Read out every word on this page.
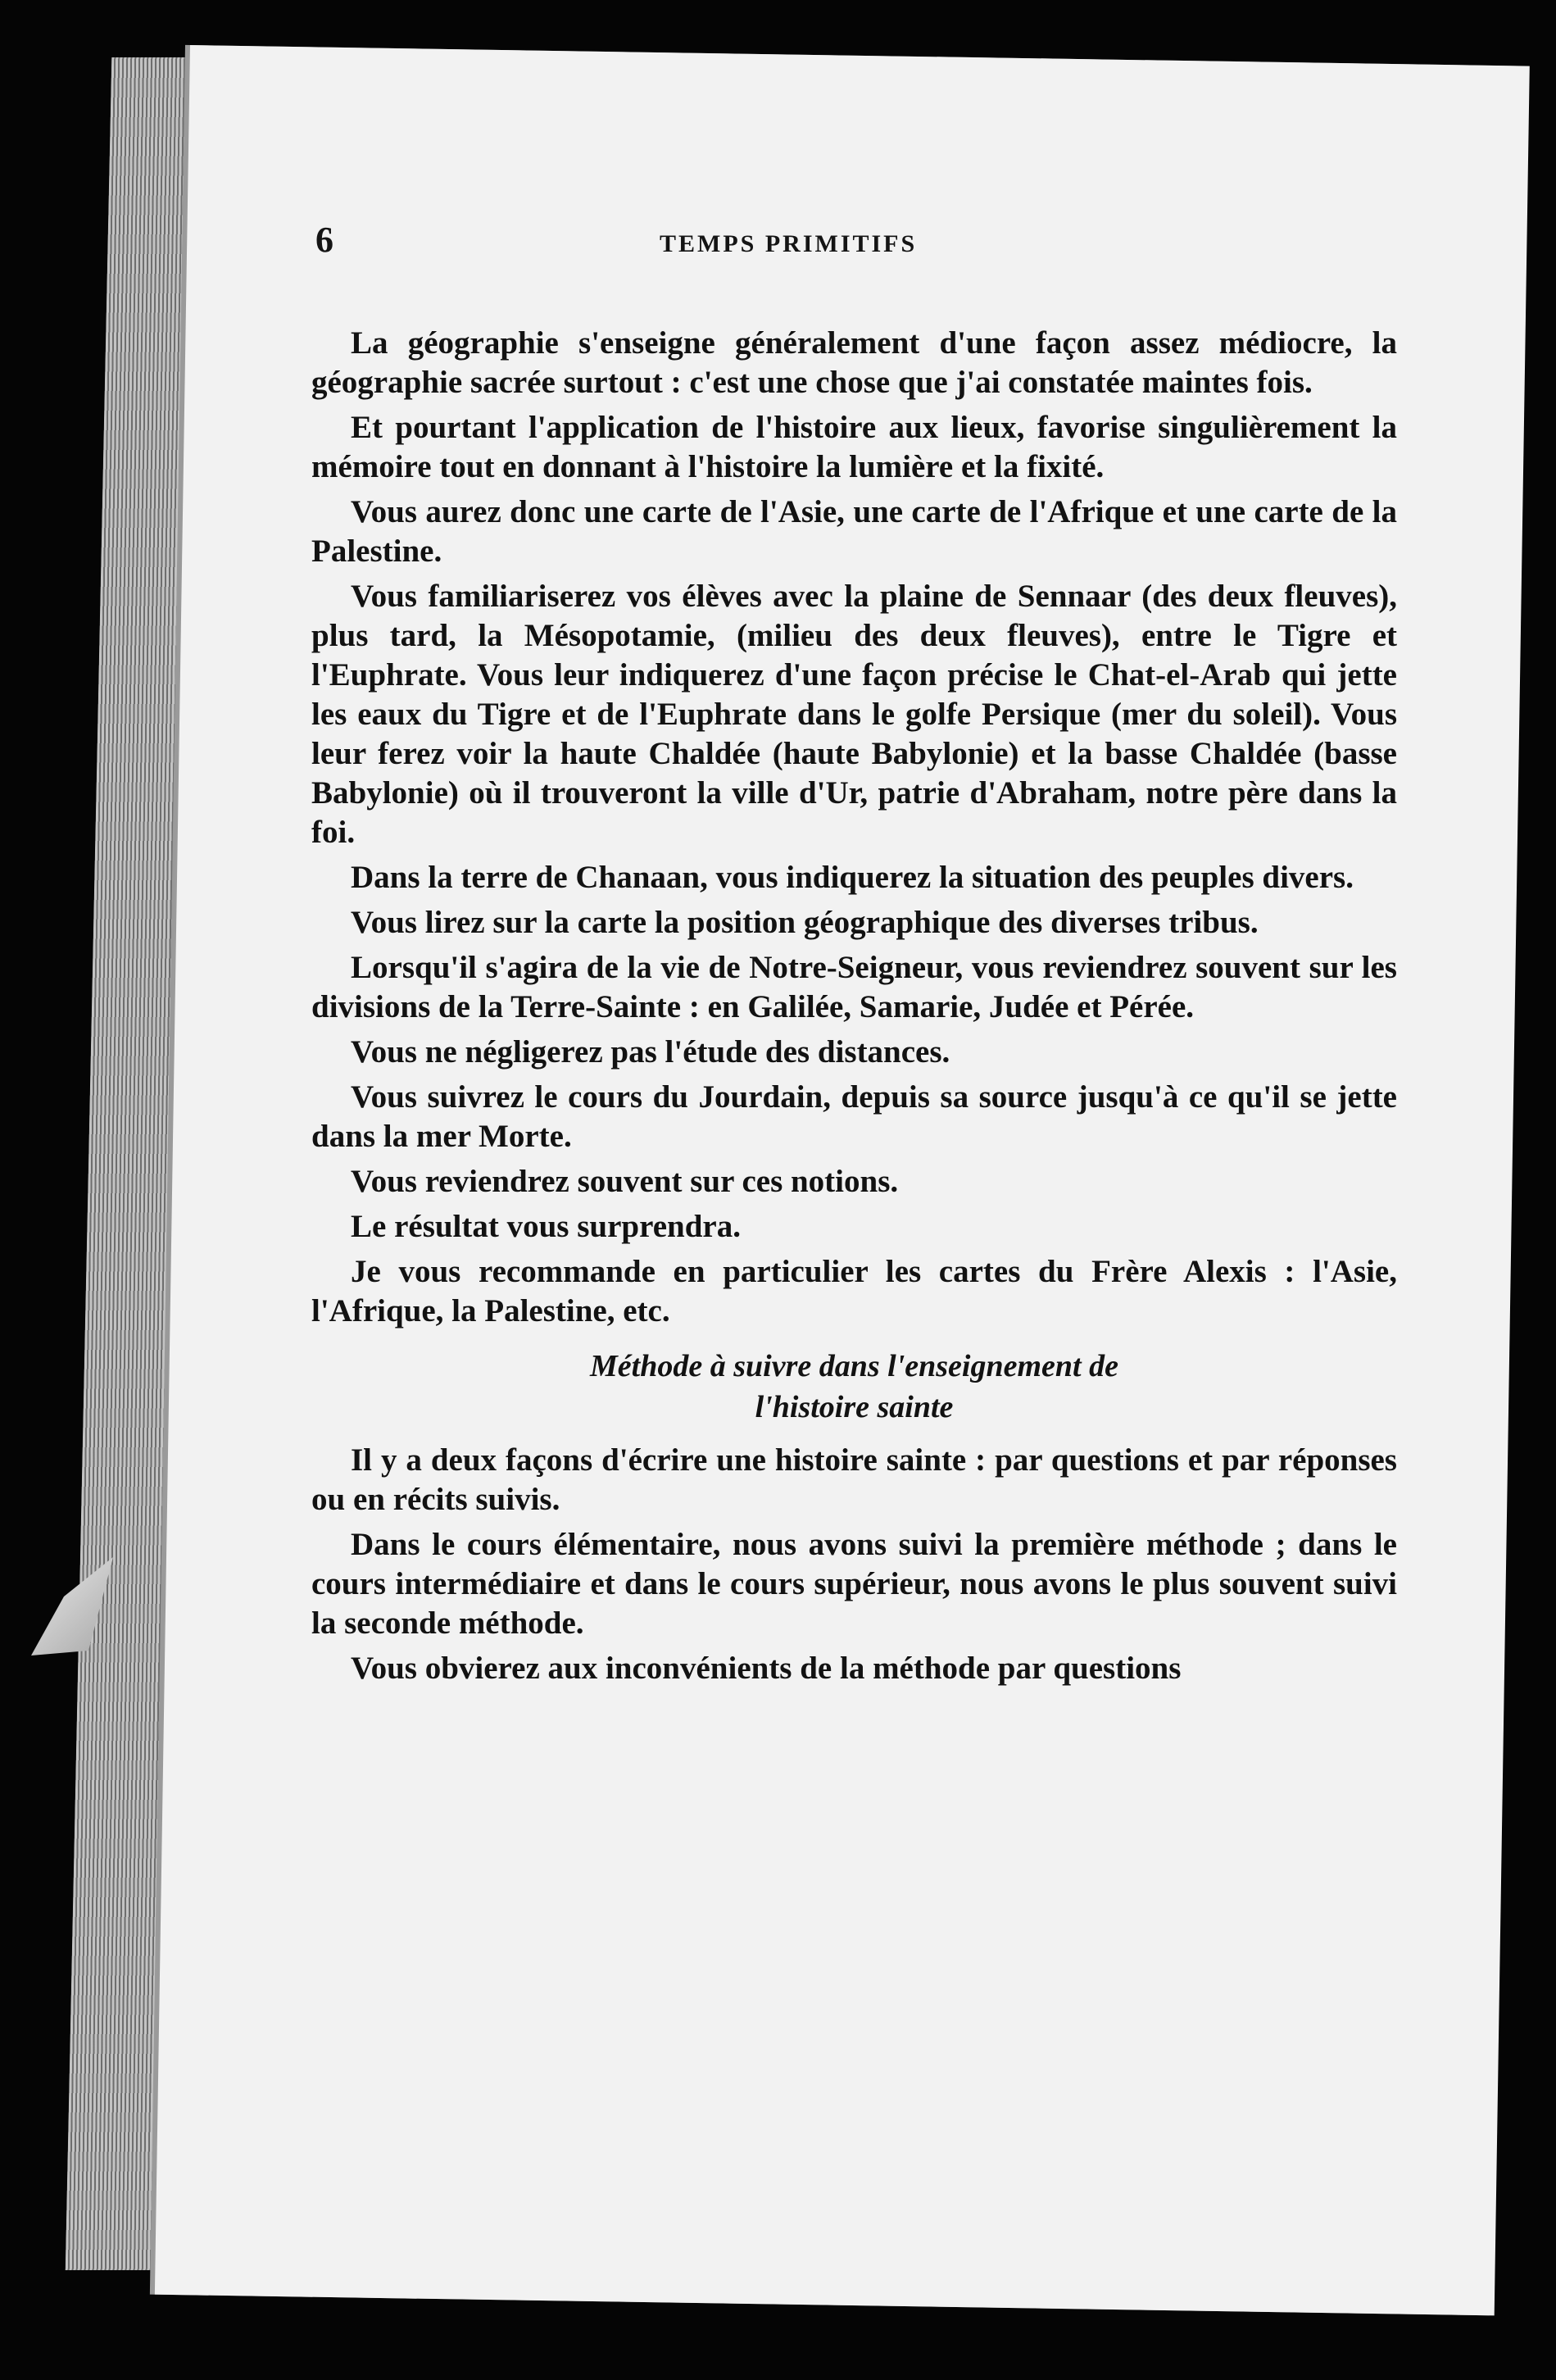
6	TEMPS PRIMITIFS

La géographie s'enseigne généralement d'une façon assez médiocre, la géographie sacrée surtout : c'est une chose que j'ai constatée maintes fois.

Et pourtant l'application de l'histoire aux lieux, favorise singulièrement la mémoire tout en donnant à l'histoire la lumière et la fixité.

Vous aurez donc une carte de l'Asie, une carte de l'Afrique et une carte de la Palestine.

Vous familiariserez vos élèves avec la plaine de Sennaar (des deux fleuves), plus tard, la Mésopotamie, (milieu des deux fleuves), entre le Tigre et l'Euphrate. Vous leur indiquerez d'une façon précise le Chat-el-Arab qui jette les eaux du Tigre et de l'Euphrate dans le golfe Persique (mer du soleil). Vous leur ferez voir la haute Chaldée (haute Babylonie) et la basse Chaldée (basse Babylonie) où il trouveront la ville d'Ur, patrie d'Abraham, notre père dans la foi.

Dans la terre de Chanaan, vous indiquerez la situation des peuples divers.

Vous lirez sur la carte la position géographique des diverses tribus.

Lorsqu'il s'agira de la vie de Notre-Seigneur, vous reviendrez souvent sur les divisions de la Terre-Sainte : en Galilée, Samarie, Judée et Pérée.

Vous ne négligerez pas l'étude des distances.

Vous suivrez le cours du Jourdain, depuis sa source jusqu'à ce qu'il se jette dans la mer Morte.

Vous reviendrez souvent sur ces notions.

Le résultat vous surprendra.

Je vous recommande en particulier les cartes du Frère Alexis : l'Asie, l'Afrique, la Palestine, etc.

Méthode à suivre dans l'enseignement de
l'histoire sainte

Il y a deux façons d'écrire une histoire sainte : par questions et par réponses ou en récits suivis.

Dans le cours élémentaire, nous avons suivi la première méthode ; dans le cours intermédiaire et dans le cours supérieur, nous avons le plus souvent suivi la seconde méthode.

Vous obvierez aux inconvénients de la méthode par questions
